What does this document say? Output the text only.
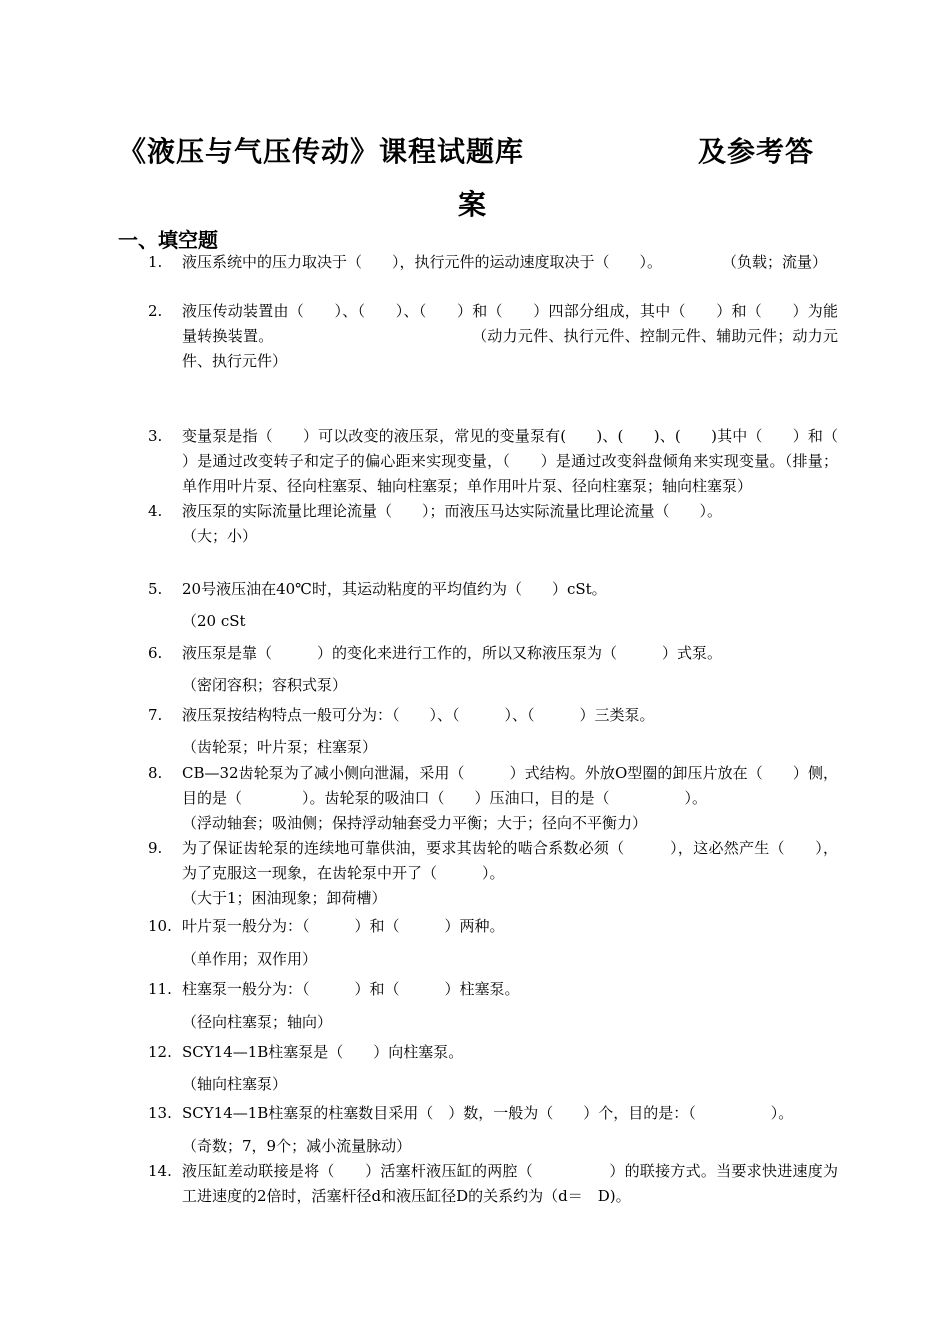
《液压与气压传动》课程试题库	及参考答
案
一、填空题
1.	液压系统中的压力取决于（　　），执行元件的运动速度取决于（　　）。　　　　　（负载；流量）
2.	液压传动装置由（　　）、（　　）、（　　）和（　　）四部分组成，其中（　　）和（　　）为能量转换装置。　　　　　　　　　　　　　　（动力元件、执行元件、控制元件、辅助元件；动力元件、执行元件）
3.	变量泵是指（　　）可以改变的液压泵，常见的变量泵有(　　)、(　　)、(　　)其中（　　）和（　　）是通过改变转子和定子的偏心距来实现变量，（　　）是通过改变斜盘倾角来实现变量。（排量；单作用叶片泵、径向柱塞泵、轴向柱塞泵；单作用叶片泵、径向柱塞泵；轴向柱塞泵）
4.	液压泵的实际流量比理论流量（　　）；而液压马达实际流量比理论流量（　　）。
（大；小）
5.	20号液压油在40℃时，其运动粘度的平均值约为（　　）cSt。
（20 cSt
6.	液压泵是靠（　　　）的变化来进行工作的，所以又称液压泵为（　　　）式泵。
（密闭容积；容积式泵）
7.	液压泵按结构特点一般可分为：（　　）、（　　　）、（　　　）三类泵。
（齿轮泵；叶片泵；柱塞泵）
8.	CB—32齿轮泵为了减小侧向泄漏，采用（　　　）式结构。外放O型圈的卸压片放在（　　）侧，目的是（　　　　）。齿轮泵的吸油口（　　）压油口，目的是（　　　　　）。
（浮动轴套；吸油侧；保持浮动轴套受力平衡；大于；径向不平衡力）
9.	为了保证齿轮泵的连续地可靠供油，要求其齿轮的啮合系数必须（　　　），这必然产生（　　），为了克服这一现象，在齿轮泵中开了（　　　）。
（大于1；困油现象；卸荷槽）
10. 叶片泵一般分为：（　　　）和（　　　）两种。
（单作用；双作用）
11. 柱塞泵一般分为：（　　　）和（　　　）柱塞泵。
（径向柱塞泵；轴向）
12. SCY14—1B柱塞泵是（　　）向柱塞泵。
（轴向柱塞泵）
13. SCY14—1B柱塞泵的柱塞数目采用（　）数，一般为（　　）个，目的是：（　　　　　）。
（奇数；7，9个；减小流量脉动）
14. 液压缸差动联接是将（　　）活塞杆液压缸的两腔（　　　　　）的联接方式。当要求快进速度为工进速度的2倍时，活塞杆径d和液压缸径D的关系约为（d＝　D)。
